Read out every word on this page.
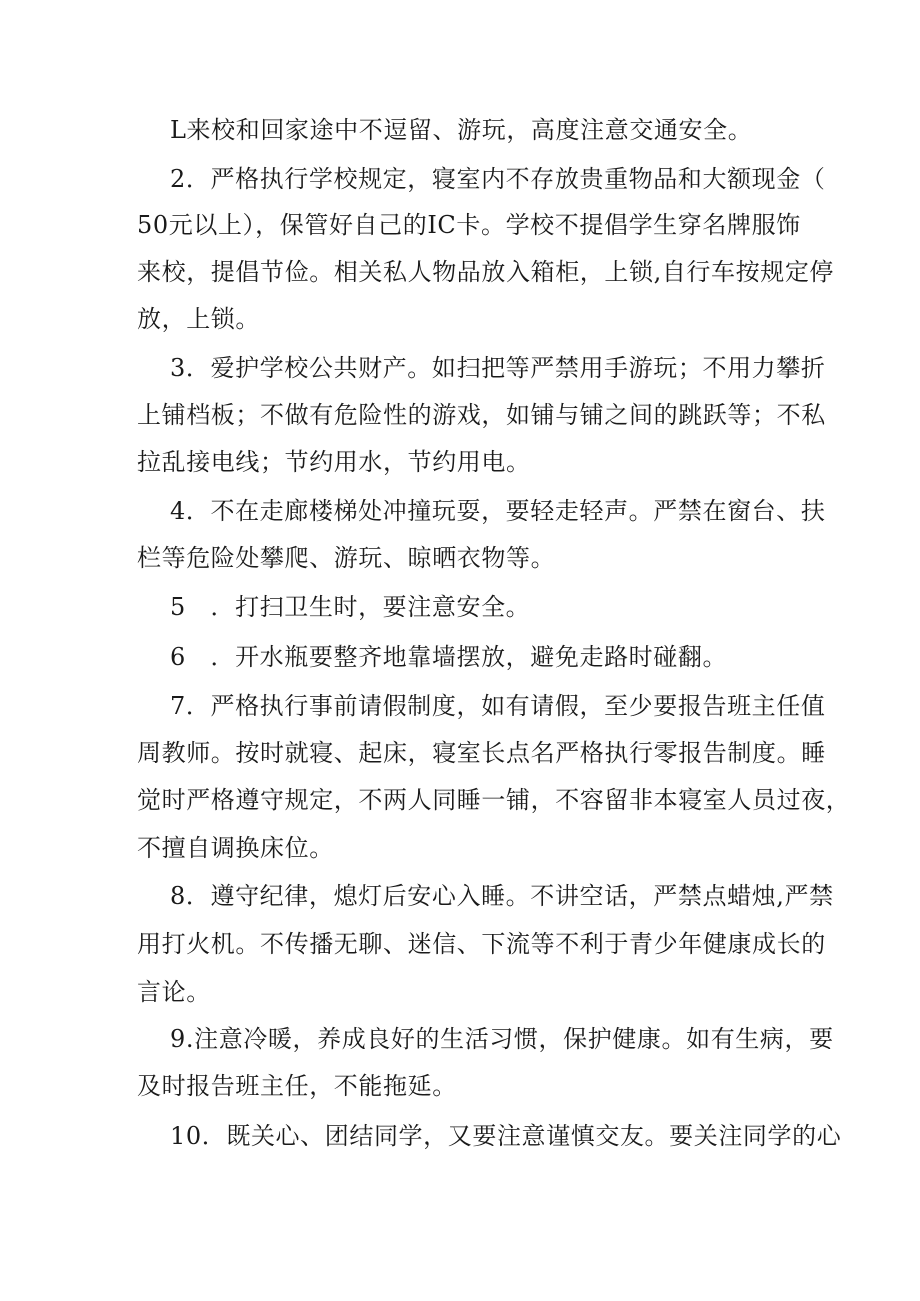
L来校和回家途中不逗留、游玩，高度注意交通安全。
2．严格执行学校规定，寝室内不存放贵重物品和大额现金（
50元以上），保管好自己的IC卡。学校不提倡学生穿名牌服饰
来校，提倡节俭。相关私人物品放入箱柜，上锁,自行车按规定停
放，上锁。
3．爱护学校公共财产。如扫把等严禁用手游玩；不用力攀折
上铺档板；不做有危险性的游戏，如铺与铺之间的跳跃等；不私
拉乱接电线；节约用水，节约用电。
4．不在走廊楼梯处冲撞玩耍，要轻走轻声。严禁在窗台、扶
栏等危险处攀爬、游玩、晾晒衣物等。
5　．打扫卫生时，要注意安全。
6　．开水瓶要整齐地靠墙摆放，避免走路时碰翻。
7．严格执行事前请假制度，如有请假，至少要报告班主任值
周教师。按时就寝、起床，寝室长点名严格执行零报告制度。睡
觉时严格遵守规定，不两人同睡一铺，不容留非本寝室人员过夜，
不擅自调换床位。
8．遵守纪律，熄灯后安心入睡。不讲空话，严禁点蜡烛,严禁
用打火机。不传播无聊、迷信、下流等不利于青少年健康成长的
言论。
9.注意冷暖，养成良好的生活习惯，保护健康。如有生病，要
及时报告班主任，不能拖延。
10．既关心、团结同学，又要注意谨慎交友。要关注同学的心
